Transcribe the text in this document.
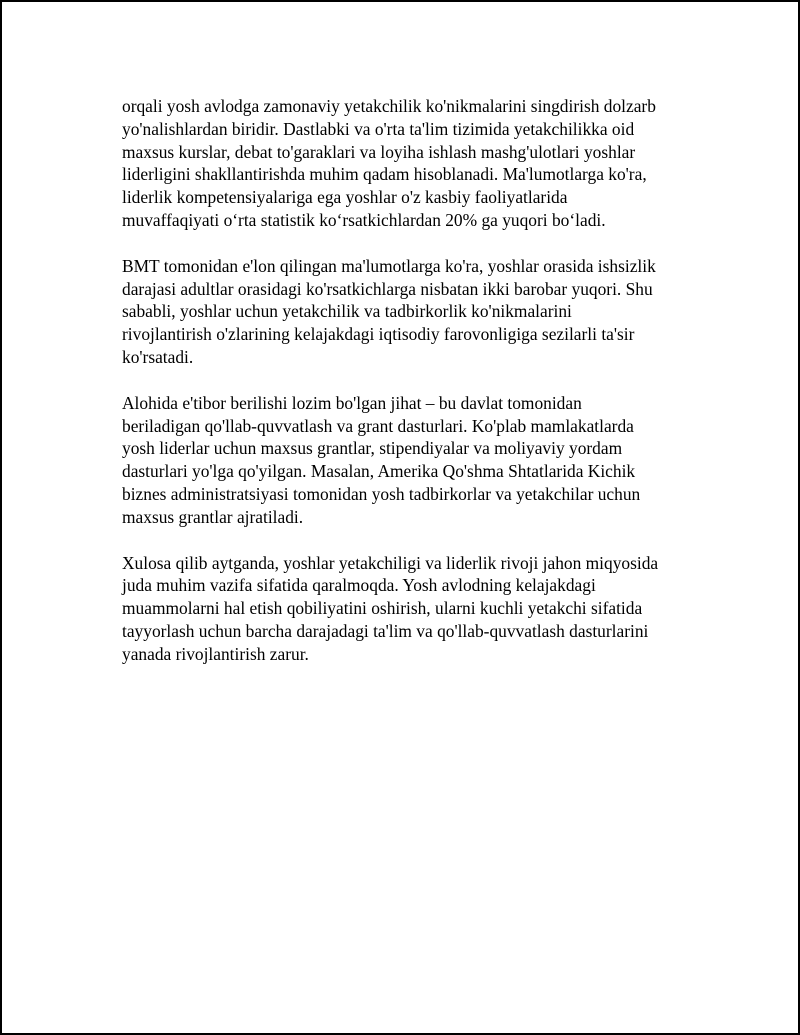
orqali yosh avlodga zamonaviy yetakchilik ko'nikmalarini singdirish dolzarb
yo'nalishlardan biridir. Dastlabki va o'rta ta'lim tizimida yetakchilikka oid
maxsus kurslar, debat to'garaklari va loyiha ishlash mashg'ulotlari yoshlar
liderligini shakllantirishda muhim qadam hisoblanadi. Ma'lumotlarga ko'ra,
liderlik kompetensiyalariga ega yoshlar o'z kasbiy faoliyatlarida
muvaffaqiyati o‘rta statistik ko‘rsatkichlardan 20% ga yuqori bo‘ladi.

BMT tomonidan e'lon qilingan ma'lumotlarga ko'ra, yoshlar orasida ishsizlik
darajasi adultlar orasidagi ko'rsatkichlarga nisbatan ikki barobar yuqori. Shu
sababli, yoshlar uchun yetakchilik va tadbirkorlik ko'nikmalarini
rivojlantirish o'zlarining kelajakdagi iqtisodiy farovonligiga sezilarli ta'sir
ko'rsatadi.

Alohida e'tibor berilishi lozim bo'lgan jihat – bu davlat tomonidan
beriladigan qo'llab-quvvatlash va grant dasturlari. Ko'plab mamlakatlarda
yosh liderlar uchun maxsus grantlar, stipendiyalar va moliyaviy yordam
dasturlari yo'lga qo'yilgan. Masalan, Amerika Qo'shma Shtatlarida Kichik
biznes administratsiyasi tomonidan yosh tadbirkorlar va yetakchilar uchun
maxsus grantlar ajratiladi.

Xulosa qilib aytganda, yoshlar yetakchiligi va liderlik rivoji jahon miqyosida
juda muhim vazifa sifatida qaralmoqda. Yosh avlodning kelajakdagi
muammolarni hal etish qobiliyatini oshirish, ularni kuchli yetakchi sifatida
tayyorlash uchun barcha darajadagi ta'lim va qo'llab-quvvatlash dasturlarini
yanada rivojlantirish zarur.
